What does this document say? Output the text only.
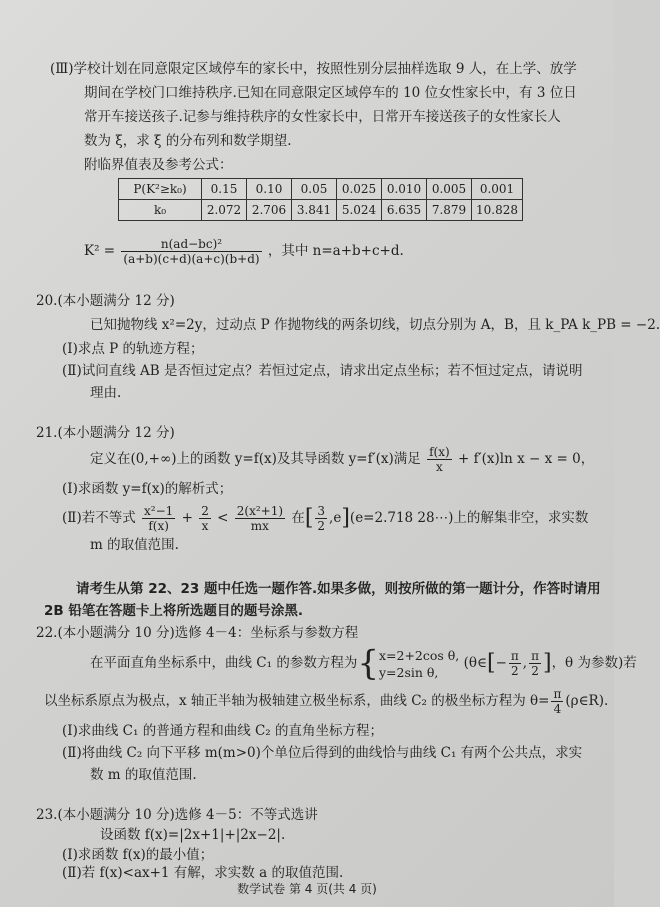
​
(Ⅲ)学校计划在同意限定区域停车的家长中，按照性别分层抽样选取 9 人，在上学、放学
期间在学校门口维持秩序.已知在同意限定区域停车的 10 位女性家长中，有 3 位日
常开车接送孩子.记参与维持秩序的女性家长中，日常开车接送孩子的女性家长人
数为 ξ，求 ξ 的分布列和数学期望.
附临界值表及参考公式：
P(K²≥k₀)	0.15	0.10	0.05	0.025	0.010	0.005	0.001
k₀	2.072	2.706	3.841	5.024	6.635	7.879	10.828
$K^2 = \frac{\text{n(ad−bc)²}}{(a+b)(c+d)(a+c)(b+d)}$ ，其中 n=a+b+c+d.
20.(本小题满分 12 分)
已知抛物线 x²=2y，过动点 P 作抛物线的两条切线，切点分别为 A，B，且 k_PA k_PB = −2.
(Ⅰ)求点 P 的轨迹方程；
(Ⅱ)试问直线 AB 是否恒过定点？若恒过定点，请求出定点坐标；若不恒过定点，请说明
理由.
21.(本小题满分 12 分)
定义在(0,+∞)上的函数 y=f(x)及其导函数 y=f′(x)满足 $\frac{f(x)}{x} + f'(x)\ln$ x − x = 0，
(Ⅰ)求函数 y=f(x)的解析式；
(Ⅱ)若不等式 $\frac{\text{x²−1}}{f(x)} + \frac{2}{x} < \frac{\text{2(x²+1)}}{mx}$ 在[ $\frac{3}{2} ,e](e=2.718$ 28⋯)上的解集非空，求实数
m 的取值范围.
请考生从第 22、23 题中任选一题作答.如果多做，则按所做的第一题计分，作答时请用
2B 铅笔在答题卡上将所选题目的题号涂黑.
22.(本小题满分 10 分)选修 4－4：坐标系与参数方程
在平面直角坐标系中，曲线 C₁ 的参数方程为{ x=2+2cos θ,
y=2sin θ,
(θ∈[− $\frac{\pi}{2}$ , $\frac{\pi}{2}$ ]，θ 为参数)若
以坐标系原点为极点，x 轴正半轴为极轴建立极坐标系，曲线 C₂ 的极坐标方程为 $\theta= \frac{\pi}{4}$ (ρ∈R).
(Ⅰ)求曲线 C₁ 的普通方程和曲线 C₂ 的直角坐标方程；
(Ⅱ)将曲线 C₂ 向下平移 m(m>0)个单位后得到的曲线恰与曲线 C₁ 有两个公共点，求实
数 m 的取值范围.
23.(本小题满分 10 分)选修 4－5：不等式选讲
设函数 f(x)=|2x+1|+|2x−2|.
(Ⅰ)求函数 f(x)的最小值；
(Ⅱ)若 f(x)<ax+1 有解，求实数 a 的取值范围.
数学试卷 第 4 页(共 4 页)
